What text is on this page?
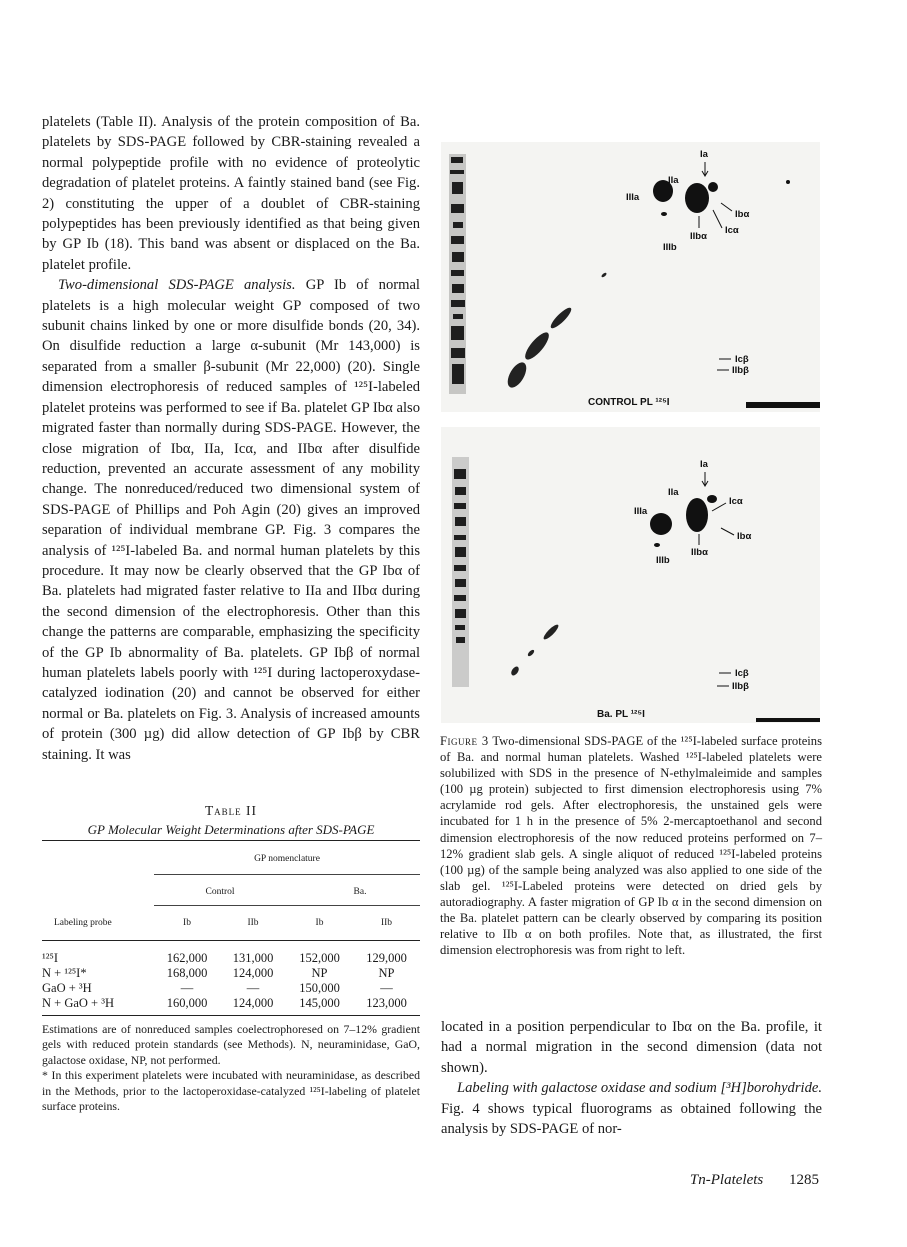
platelets (Table II). Analysis of the protein composition of Ba. platelets by SDS-PAGE followed by CBR-staining revealed a normal polypeptide profile with no evidence of proteolytic degradation of platelet proteins. A faintly stained band (see Fig. 2) constituting the upper of a doublet of CBR-staining polypeptides has been previously identified as that being given by GP Ib (18). This band was absent or displaced on the Ba. platelet profile.

Two-dimensional SDS-PAGE analysis. GP Ib of normal platelets is a high molecular weight GP composed of two subunit chains linked by one or more disulfide bonds (20, 34). On disulfide reduction a large α-subunit (Mr 143,000) is separated from a smaller β-subunit (Mr 22,000) (20). Single dimension electrophoresis of reduced samples of ¹²⁵I-labeled platelet proteins was performed to see if Ba. platelet GP Ibα also migrated faster than normally during SDS-PAGE. However, the close migration of Ibα, IIa, Icα, and IIbα after disulfide reduction, prevented an accurate assessment of any mobility change. The nonreduced/reduced two dimensional system of SDS-PAGE of Phillips and Poh Agin (20) gives an improved separation of individual membrane GP. Fig. 3 compares the analysis of ¹²⁵I-labeled Ba. and normal human platelets by this procedure. It may now be clearly observed that the GP Ibα of Ba. platelets had migrated faster relative to IIa and IIbα during the second dimension of the electrophoresis. Other than this change the patterns are comparable, emphasizing the specificity of the GP Ib abnormality of Ba. platelets. GP Ibβ of normal human platelets labels poorly with ¹²⁵I during lactoperoxydase-catalyzed iodination (20) and cannot be observed for either normal or Ba. platelets on Fig. 3. Analysis of increased amounts of protein (300 µg) did allow detection of GP Ibβ by CBR staining. It was

Table II
GP Molecular Weight Determinations after SDS-PAGE
	GP nomenclature			
	Control		Ba.	
Labeling probe	Ib	IIb	Ib	IIb
¹²⁵I	162,000	131,000	152,000	129,000
N + ¹²⁵I*	168,000	124,000	NP	NP
GaO + ³H	—	—	150,000	—
N + GaO + ³H	160,000	124,000	145,000	123,000

Estimations are of nonreduced samples coelectrophoresed on 7–12% gradient gels with reduced protein standards (see Methods). N, neuraminidase, GaO, galactose oxidase, NP, not performed.

* In this experiment platelets were incubated with neuraminidase, as described in the Methods, prior to the lactoperoxidase-catalyzed ¹²⁵I-labeling of platelet surface proteins.

Ia
IIa
IIIa
Ibα
Icα
IIbα
IIIb
Icβ
IIbβ
CONTROL PL ¹²⁵I
Ia
IIa
IIIa
Icα
Ibα
IIbα
IIIb
Icβ
IIbβ
Ba. PL ¹²⁵I
Figure 3 Two-dimensional SDS-PAGE of the ¹²⁵I-labeled surface proteins of Ba. and normal human platelets. Washed ¹²⁵I-labeled platelets were solubilized with SDS in the presence of N-ethylmaleimide and samples (100 µg protein) subjected to first dimension electrophoresis using 7% acrylamide rod gels. After electrophoresis, the unstained gels were incubated for 1 h in the presence of 5% 2-mercaptoethanol and second dimension electrophoresis of the now reduced proteins performed on 7–12% gradient slab gels. A single aliquot of reduced ¹²⁵I-labeled proteins (100 µg) of the sample being analyzed was also applied to one side of the slab gel. ¹²⁵I-Labeled proteins were detected on dried gels by autoradiography. A faster migration of GP Ib α in the second dimension on the Ba. platelet pattern can be clearly observed by comparing its position relative to IIb α on both profiles. Note that, as illustrated, the first dimension electrophoresis was from right to left.

located in a position perpendicular to Ibα on the Ba. profile, it had a normal migration in the second dimension (data not shown).

Labeling with galactose oxidase and sodium [³H]borohydride. Fig. 4 shows typical fluorograms as obtained following the analysis by SDS-PAGE of nor-

Tn-Platelets 1285
